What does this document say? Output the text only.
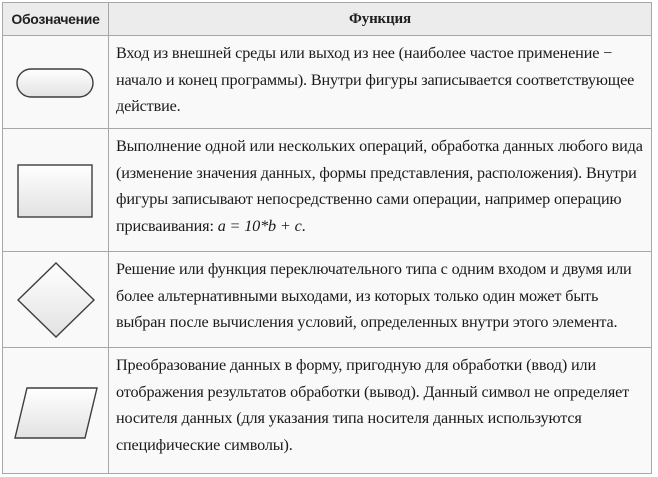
Обозначение	Функция
Вход из внешней среды или выход из нее (наиболее частое применение − начало и конец программы). Внутри фигуры записывается соответствующее действие.
Выполнение одной или нескольких операций, обработка данных любого вида (изменение значения данных, формы представления, расположения). Внутри фигуры записывают непосредственно сами операции, например операцию присваивания: a = 10*b + c.
Решение или функция переключательного типа с одним входом и двумя или более альтернативными выходами, из которых только один может быть выбран после вычисления условий, определенных внутри этого элемента.
Преобразование данных в форму, пригодную для обработки (ввод) или отображения результатов обработки (вывод). Данный символ не определяет носителя данных (для указания типа носителя данных используются специфические символы).
